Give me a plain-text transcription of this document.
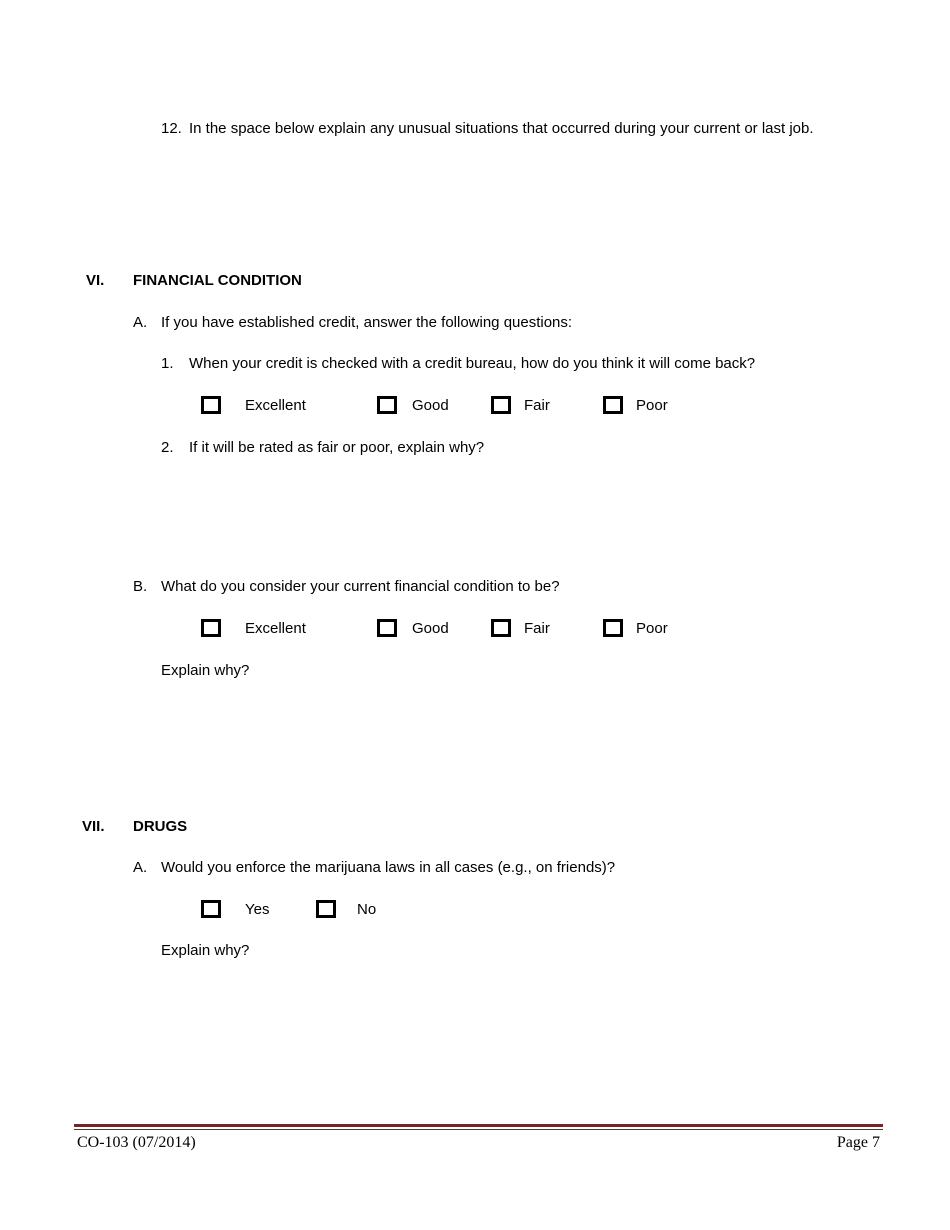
12. In the space below explain any unusual situations that occurred during your current or last job.
VI. FINANCIAL CONDITION
A. If you have established credit, answer the following questions:
1. When your credit is checked with a credit bureau, how do you think it will come back?
Excellent	Good	Fair	Poor
2. If it will be rated as fair or poor, explain why?
B. What do you consider your current financial condition to be?
Excellent	Good	Fair	Poor
Explain why?
VII. DRUGS
A. Would you enforce the marijuana laws in all cases (e.g., on friends)?
Yes	No
Explain why?
CO-103 (07/2014)	Page 7
